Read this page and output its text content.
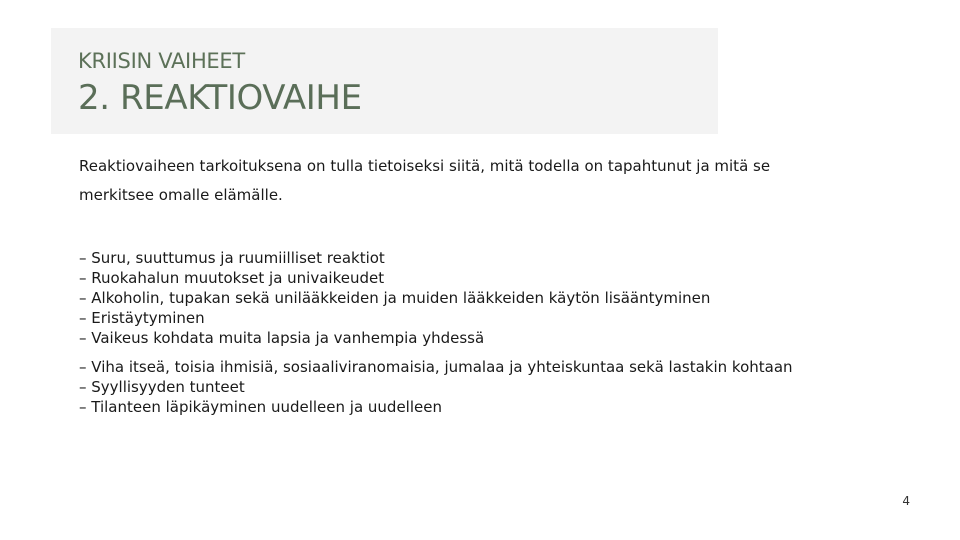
KRIISIN VAIHEET
2. REAKTIOVAIHE
Reaktiovaiheen tarkoituksena on tulla tietoiseksi siitä, mitä todella on tapahtunut ja mitä se merkitsee omalle elämälle.
– Suru, suuttumus ja ruumiilliset reaktiot
– Ruokahalun muutokset ja univaikeudet
– Alkoholin, tupakan sekä unilääkkeiden ja muiden lääkkeiden käytön lisääntyminen
– Eristäytyminen
– Vaikeus kohdata muita lapsia ja vanhempia yhdessä
– Viha itseä, toisia ihmisiä, sosiaaliviranomaisia, jumalaa ja yhteiskuntaa sekä lastakin kohtaan
– Syyllisyyden tunteet
– Tilanteen läpikäyminen uudelleen ja uudelleen
4
